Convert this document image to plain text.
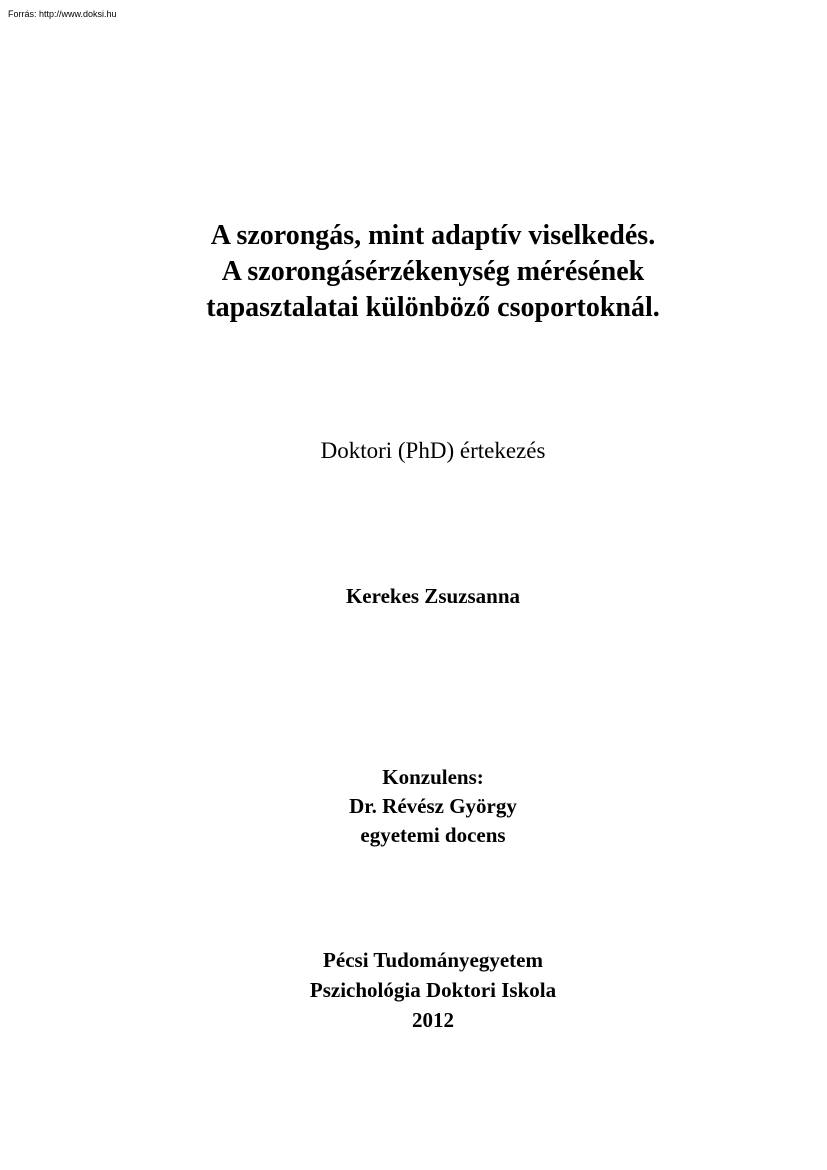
Forrás: http://www.doksi.hu
A szorongás, mint adaptív viselkedés.
A szorongásérzékenység mérésének
tapasztalatai különböző csoportoknál.
Doktori (PhD) értekezés
Kerekes Zsuzsanna
Konzulens:
Dr. Révész György
egyetemi docens
Pécsi Tudományegyetem
Pszichológia Doktori Iskola
2012
